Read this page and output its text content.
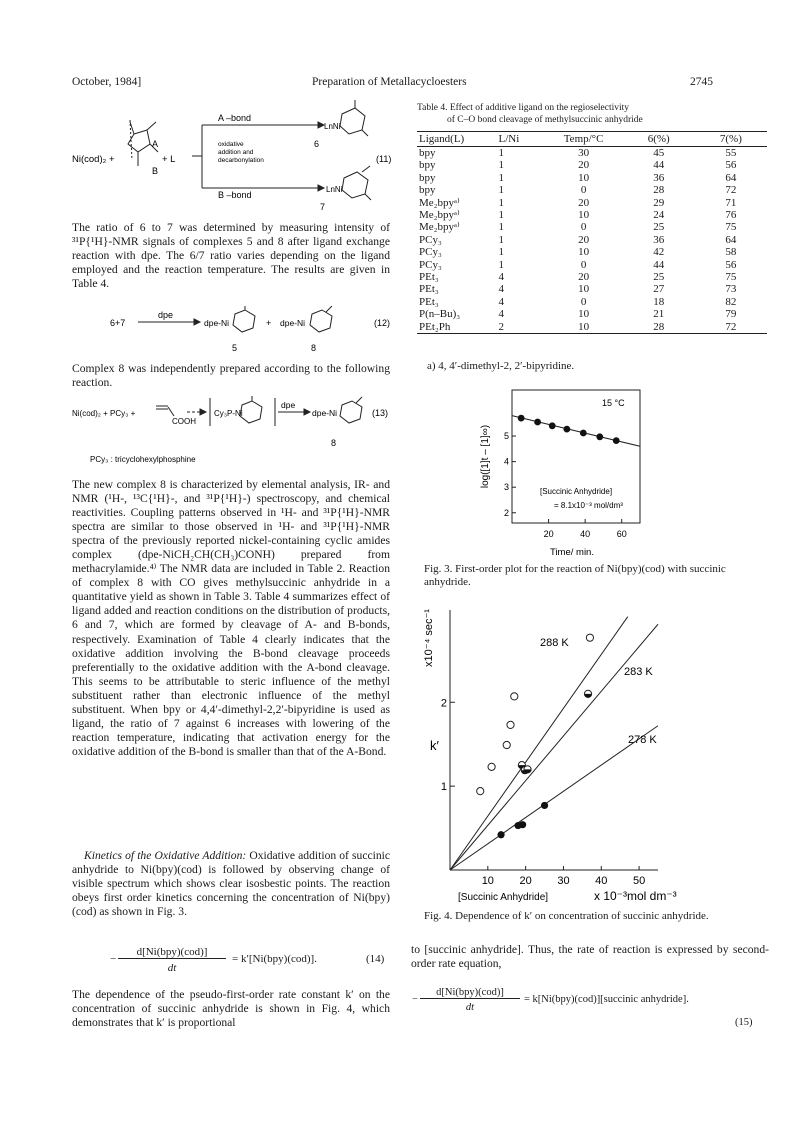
October, 1984]	Preparation of Metallacycloesters	2745
Ni(cod)₂ +	+ L
A
B
A –bond
B –bond
oxidative
addition and
decarbonylation
LnNi
LnNi
6
7
(11)

The ratio of 6 to 7 was determined by measuring intensity of ³¹P{¹H}-NMR signals of complexes 5 and 8 after ligand exchange reaction with dpe. The 6/7 ratio varies depending on the ligand employed and the reaction temperature. The results are given in Table 4.

6+7
dpe
dpe-Ni	+ dpe-Ni
5	8
(12)

Complex 8 was independently prepared according to the following reaction.

Ni(cod)₂ + PCy₃ +
COOH
Cy₃P-Ni
dpe
dpe-Ni
8
(13)
PCy₃ : tricyclohexylphosphine

The new complex 8 is characterized by elemental analysis, IR- and NMR (¹H-, ¹³C{¹H}-, and ³¹P{¹H}-) spectroscopy, and chemical reactivities. Coupling patterns observed in ¹H- and ³¹P{¹H}-NMR spectra are similar to those observed in ¹H- and ³¹P{¹H}-NMR spectra of the previously reported nickel-containing cyclic amides complex (dpe-NiCH₂CH(CH₃)CONH) prepared from methacrylamide.⁴⁾ The NMR data are included in Table 2. Reaction of complex 8 with CO gives methylsuccinic anhydride in a quantitative yield as shown in Table 3. Table 4 summarizes effect of ligand added and reaction conditions on the distribution of products, 6 and 7, which are formed by cleavage of A- and B-bonds, respectively. Examination of Table 4 clearly indicates that the oxidative addition involving the B-bond cleavage proceeds preferentially to the oxidative addition with the A-bond cleavage. This seems to be attributable to steric influence of the methyl substituent rather than electronic influence of the methyl substituent. When bpy or 4,4′-dimethyl-2,2′-bipyridine is used as ligand, the ratio of 7 against 6 increases with lowering of the reaction temperature, indicating that activation energy for the oxidative addition of the B-bond is smaller than that of the A-Bond.

Kinetics of the Oxidative Addition: Oxidative addition of succinic anhydride to Ni(bpy)(cod) is followed by observing change of visible spectrum which shows clear isosbestic points. The reaction obeys first order kinetics concerning the concentration of Ni(bpy)(cod) as shown in Fig. 3.

−
d[Ni(bpy)(cod)]
dt
= k′[Ni(bpy)(cod)].	(14)

The dependence of the pseudo-first-order rate constant k′ on the concentration of succinic anhydride is shown in Fig. 4, which demonstrates that k′ is proportional

Table 4. Effect of additive ligand on the regioselectivity
of C–O bond cleavage of methylsuccinic anhydride
Ligand(L)	L/Ni	Temp/°C	6(%)	7(%)
bpy	1	30	45	55
bpy	1	20	44	56
bpy	1	10	36	64
bpy	1	0	28	72
Me₂bpyᵃ⁾	1	20	29	71
Me₂bpyᵃ⁾	1	10	24	76
Me₂bpyᵃ⁾	1	0	25	75
PCy₃	1	20	36	64
PCy₃	1	10	42	58
PCy₃	1	0	44	56
PEt₃	4	20	25	75
PEt₃	4	10	27	73
PEt₃	4	0	18	82
P(n–Bu)₃	4	10	21	79
PEt₂Ph	2	10	28	72
a) 4, 4′-dimethyl-2, 2′-bipyridine.
20	40	60
2
3
4
5
15 °C
[Succinic Anhydride]
= 8.1x10⁻³ mol/dm³
Time/ min.
log([1]t – [1]∞)
Fig. 3. First-order plot for the reaction of Ni(bpy)(cod) with succinic anhydride.
10 20 30 40 50
1
2
288 K
283 K
278 K
[Succinic Anhydride]	x 10⁻³mol dm⁻³
k′
x10⁻⁴ sec⁻¹
Fig. 4. Dependence of k′ on concentration of succinic anhydride.

to [succinic anhydride]. Thus, the rate of reaction is expressed by second-order rate equation,

−
d[Ni(bpy)(cod)]
dt
= k[Ni(bpy)(cod)][succinic anhydride].
(15)
